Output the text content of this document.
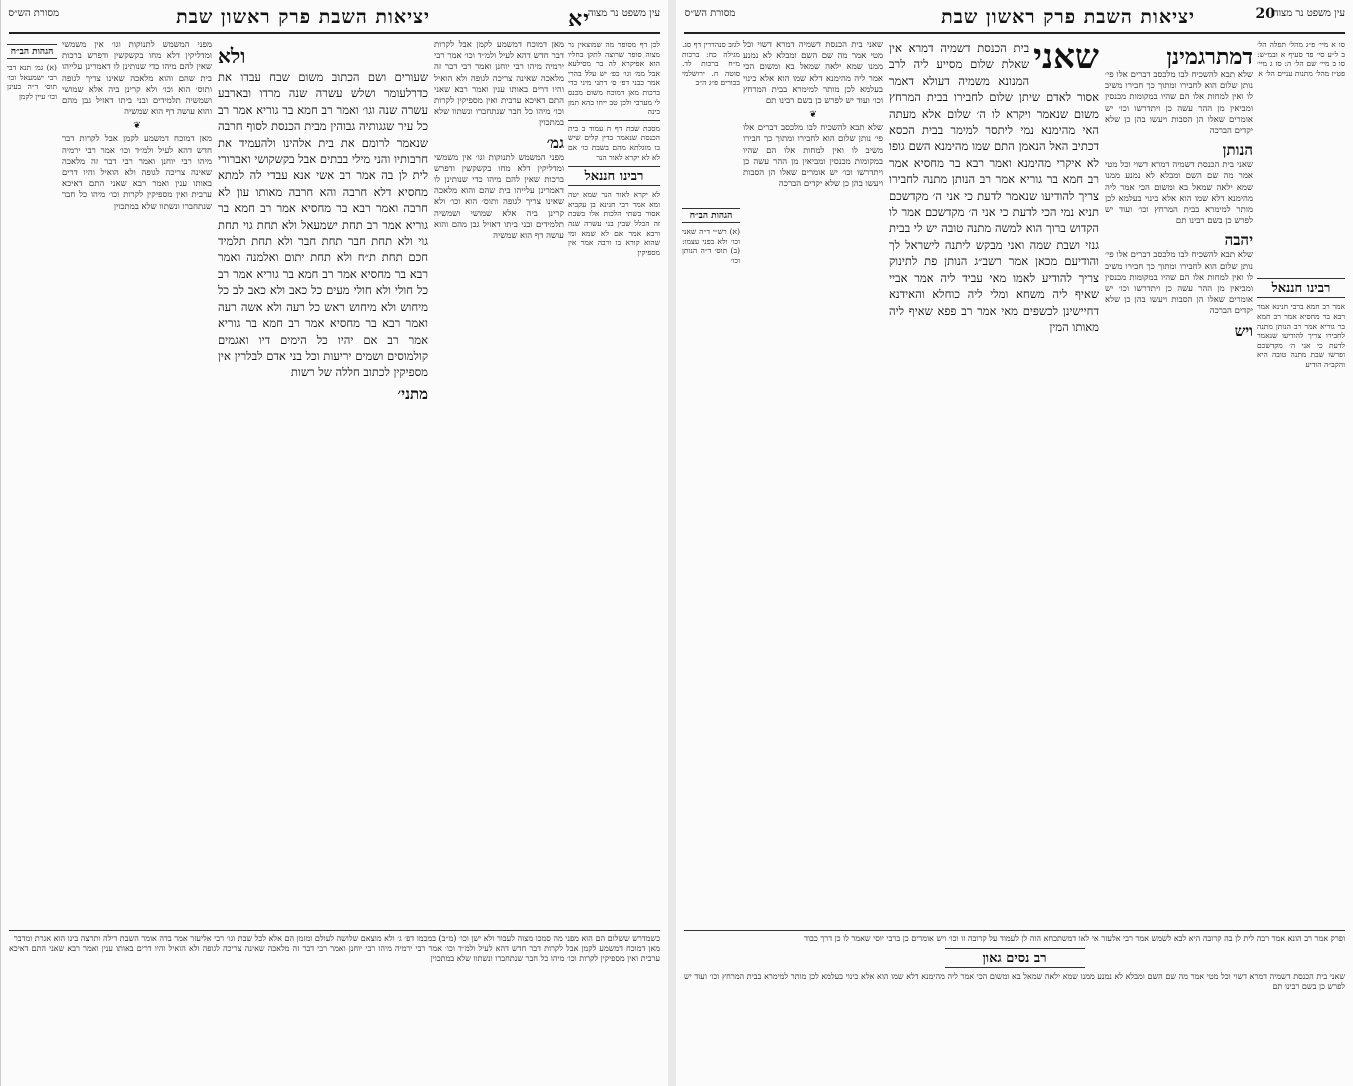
עין משפט נר מצוה
יא
יציאות השבת פרק ראשון שבת
מסורת הש״ס

לכן דף מסופר מה שמוצאין נר מצוה סופר שרוצה לתקן בחליו הוא אפיקרא לה בר מסילעא אבל ממ׳ וגו׳ כפ׳ יש עלל בהרי אמר כבני דפ׳ ס׳ דתני מיני כדי ברכות מאן דמוכח משום מכנס לי מערבי ולכן טב ייחו בהא תמן בינה

מסכת שבת דף ח עמוד ב בית הכנסת שנאמר בדין קלים שיש בו מוגלתא מהם בשבת כו׳ אם לא לא יקרא לאור הנר

רבינו חננאל

לא יקרא לאור הנר שמא יטה ומא אמר רבי חנינא בן עקביא אסור בשתי הלכות אלו בשבת זה הכלל שבין בני עשרה שנה ורבא אמר אם לא שמא ומי שהוא קורא בו ורבה אמר אין מספיקין

מאן דמוכח דמשמע לקמן אבל לקרות דבר חדש דהא לעיל ולמ״ד וכו׳ אמר רבי ירמיה מיהו רבי יוחנן ואמר רבי דבר זה מלאכה שאינה צריכה לגופה ולא הואיל והיו דרים באותו ענין ואמר רבא שאני התם דאיכא ערבית ואין מספיקין לקרות וכו׳ מיהו כל חבר שנתחברו ונשתוו שלא במתכוין

גמ׳

מפני המשמש לתנוקות וגו׳ אין משמשי ומדליקין דלא מחו בקשקשין ודפרש ברכות שאין להם מיהו כדי שנותינן לו דאמרינן עלייהו בית שהם והוא מלאכה שאינו צריך לגופה ותוס׳ הוא וכו׳ ולא קרינן ביה אלא שמושי ושמשיה תלמידים ובני ביתו דאזיל גבן מהם והוא עושה דף הוא שמשיה

ולא

שעורים ושם הכתוב משום שבח עבדו את כדרלעומר ושלש עשרה שנה מרדו ובארבע עשרה שנה וגו׳ ואמר רב חמא בר גוריא אמר רב כל עיר שגגותיה גבוהין מבית הכנסת לסוף חרבה שנאמר לרומם את בית אלהינו ולהעמיד את חרבותיו והני מילי בבתים אבל בקשקושי ואברורי לית לן בה אמר רב אשי אנא עבדי לה למתא מחסיא דלא חרבה והא חרבה מאותו עון לא חרבה ואמר רבא בר מחסיא אמר רב חמא בר גוריא אמר רב תחת ישמעאל ולא תחת גוי תחת גוי ולא תחת חבר תחת חבר ולא תחת תלמיד חכם תחת ת״ח ולא תחת יתום ואלמנה ואמר רבא בר מחסיא אמר רב חמא בר גוריא אמר רב כל חולי ולא חולי מעים כל כאב ולא כאב לב כל מיחוש ולא מיחוש ראש כל רעה ולא אשה רעה ואמר רבא בר מחסיא אמר רב חמא בר גוריא אמר רב אם יהיו כל הימים דיו ואגמים קולמוסים ושמים יריעות וכל בני אדם לבלרין אין מספיקין לכתוב חללה של רשות

מתני׳

מפני המשמש לתנוקות וגו׳ אין משמשי ומדליקין דלא מחו בקשקשין ודפרש ברכות שאין להם מיהו כדי שנותינן לו דאמרינן עלייהו בית שהם והוא מלאכה שאינו צריך לגופה ותוס׳ הוא וכו׳ ולא קרינן ביה אלא שמושי ושמשיה תלמידים ובני ביתו דאזיל גבן מהם והוא עושה דף הוא שמשיה

❦

מאן דמוכח דמשמע לקמן אבל לקרות דבר חדש דהא לעיל ולמ״ד וכו׳ אמר רבי ירמיה מיהו רבי יוחנן ואמר רבי דבר זה מלאכה שאינה צריכה לגופה ולא הואיל והיו דרים באותו ענין ואמר רבא שאני התם דאיכא ערבית ואין מספיקין לקרות וכו׳ מיהו כל חבר שנתחברו ונשתוו שלא במתכוין

הגהות הב״ח

(א) גמ׳ תנא דבי רבי ישמעאל וכו׳ תוס׳ ד״ה בעינן וכו׳ עיין לקמן

כשמדרש ששלום הם הוא מפני מה סמכו מצוה לעבור ולא ישן וכו׳ (מ״ב) במכמו דפ׳ ג׳ ולא מוצאם שלושה לעולם ומזמן הם אלא לכל שבת וגו׳ רבי אליעזר אמר בדה אומר השבת דילה ותרצה בינו הוא אגרת ומדבר

מאן דמוכח דמשמע לקמן אבל לקרות דבר חדש דהא לעיל ולמ״ד וכו׳ אמר רבי ירמיה מיהו רבי יוחנן ואמר רבי דבר זה מלאכה שאינה צריכה לגופה ולא הואיל והיו דרים באותו ענין ואמר רבא שאני התם דאיכא ערבית ואין מספיקין לקרות וכו׳ מיהו כל חבר שנתחברו ונשתוו שלא במתכוין

עין משפט נר מצוה
20
יציאות השבת פרק ראשון שבת
מסורת הש״ס

סו א מיי׳ פ״ג מהל׳ תפלה הל׳ ב ל״ע סי׳ פד סעיף א ובמ״ש: סו ב מיי׳ שם הל׳ ה: סז ג מיי׳ פט״ז מהל׳ מתנות עניים הל׳ א

רבינו חננאל

אמר רב חמא ברבי חנינא אמר רבא בר מחסיא אמר רב חמא בר גוריא אמר רב הנותן מתנה לחבירו צריך להודיעו שנאמר לדעת כי אני ה׳ מקדשכם ופרשו שבת מתנה טובה היא והקב״ה הודיע

דמתרגמינן

שלא תבא להשכיח לבו מלכסב דברים אלו פי׳ נותן שלום הוא לחבירו ומתוך כך חבירו משיב לו ואין למחות אלו הם שהיו במקומות מכנסין ומביאין מן ההר עשה כן ויתדרשו וכו׳ יש אומרים שאלו הן הסבות ויעשו בהן כן שלא יקדים הברכה

הנותן

שאני בית הכנסת דשמיה דמרא דשוי וכל מטי אמר מה שם השם ומבלא לא נמנע ממנו שמא ילאה שמאל בא ומשום הכי אמר ליה מהימנא דלא שמו הוא אלא כינוי בעלמא לכן מותר למימרא בבית המרחץ וכו׳ ועוד יש לפרש כן בשם רבינו תם

יהבה

שלא תבא להשכיח לבו מלכסב דברים אלו פי׳ נותן שלום הוא לחבירו ומתוך כך חבירו משיב לו ואין למחות אלו הם שהיו במקומות מכנסין ומביאין מן ההר עשה כן ויתדרשו וכו׳ יש אומרים שאלו הן הסבות ויעשו בהן כן שלא יקדים הברכה

ויש
שאני

בית הכנסת דשמיה דמרא אין שאלת שלום מסייע ליה לרב המנונא משמיה דעולא דאמר אסור לאדם שיתן שלום לחבירו בבית המרחץ משום שנאמר ויקרא לו ה׳ שלום אלא מעתה האי מהימנא נמי ליתסר למימר בבית הכסא דכתיב האל הנאמן התם שמו מהימנא השם גופו לא איקרי מהימנא ואמר רבא בר מחסיא אמר רב חמא בר גוריא אמר רב הנותן מתנה לחבירו צריך להודיעו שנאמר לדעת כי אני ה׳ מקדשכם תניא נמי הכי לדעת כי אני ה׳ מקדשכם אמר לו הקדוש ברוך הוא למשה מתנה טובה יש לי בבית גנזי ושבת שמה ואני מבקש ליתנה לישראל לך והודיעם מכאן אמר רשב״ג הנותן פת לתינוק צריך להודיע לאמו מאי עביד ליה אמר אביי שאיף ליה משחא ומלי ליה כוחלא והאידנא דחיישינן לכשפים מאי אמר רב פפא שאיף ליה מאותו המין

שאני בית הכנסת דשמיה דמרא דשוי וכל מטי אמר מה שם השם ומבלא לא נמנע ממנו שמא ילאה שמאל בא ומשום הכי אמר ליה מהימנא דלא שמו הוא אלא כינוי בעלמא לכן מותר למימרא בבית המרחץ וכו׳ ועוד יש לפרש כן בשם רבינו תם

❦

שלא תבא להשכיח לבו מלכסב דברים אלו פי׳ נותן שלום הוא לחבירו ומתוך כך חבירו משיב לו ואין למחות אלו הם שהיו במקומות מכנסין ומביאין מן ההר עשה כן ויתדרשו וכו׳ יש אומרים שאלו הן הסבות ויעשו בהן כן שלא יקדים הברכה

לגזב סנהדרין דף סג. מגילה כח: ברכות מ״ח ברכות לד. סוטה ח. ירושלמי בכורים פ״ג ה״ב

הגהות הב״ח

(א) רש״י ד״ה שאני וכו׳ ולא בפני עצמו: (ב) תוס׳ ד״ה הנותן וכו׳

ופרק אמר רב הונא אמר רבה לית לן בה קרובה היא לבא לשמש אמר רבי אלעזר אי לאו דמשתכחא הוה לן לעמוד על קרובה זו וכו׳ ויש אומרים כן ברבי יוסי שאמר לו כן דרך כבוד

רב נסים גאון

שאני בית הכנסת דשמיה דמרא דשוי וכל מטי אמר מה שם השם ומבלא לא נמנע ממנו שמא ילאה שמאל בא ומשום הכי אמר ליה מהימנא דלא שמו הוא אלא כינוי בעלמא לכן מותר למימרא בבית המרחץ וכו׳ ועוד יש לפרש כן בשם רבינו תם
